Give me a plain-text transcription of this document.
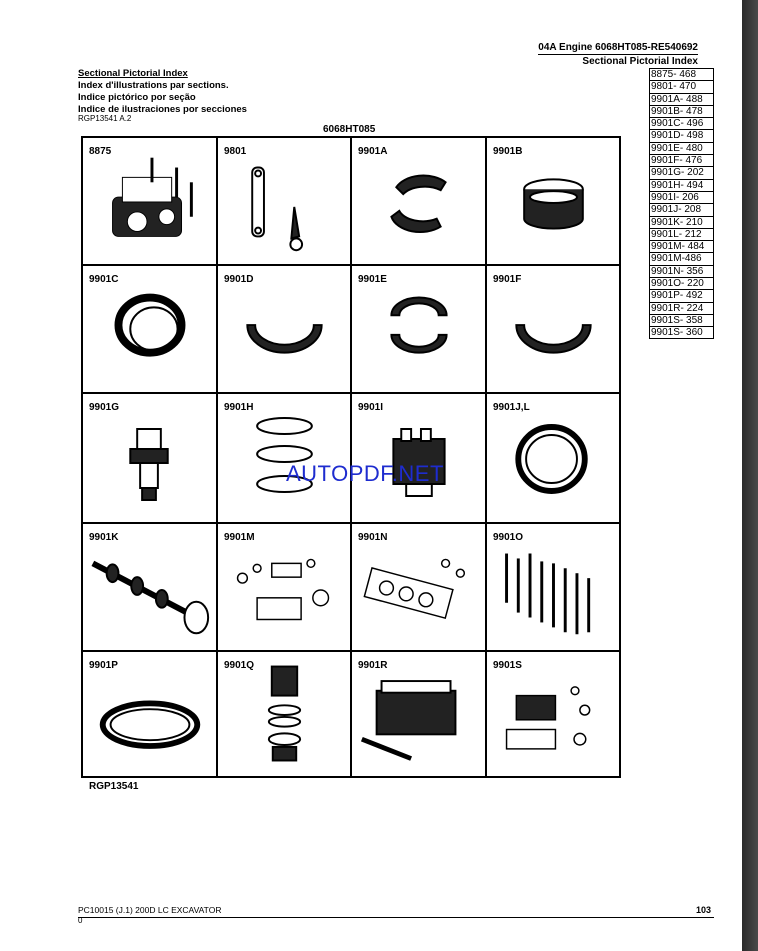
04A Engine 6068HT085-RE540692
Sectional Pictorial Index
Sectional Pictorial Index
Index d'illustrations par sections.
Indice pictórico por seção
Indice de ilustraciones por secciones
RGP13541 A.2
6068HT085
8875- 468
9801- 470
9901A- 488
9901B- 478
9901C- 496
9901D- 498
9901E- 480
9901F- 476
9901G- 202
9901H- 494
9901I- 206
9901J- 208
9901K- 210
9901L- 212
9901M- 484
9901M-486
9901N- 356
9901O- 220
9901P- 492
9901R- 224
9901S- 358
9901S- 360
8875	9801	9901A	9901B
9901C	9901D	9901E	9901F
9901G	9901H	9901I	9901J,L
9901K	9901M	9901N	9901O
9901P	9901Q	9901R	9901S
RGP13541
AUTOPDF.NET
PC10015 (J.1) 200D LC EXCAVATOR
0
103
